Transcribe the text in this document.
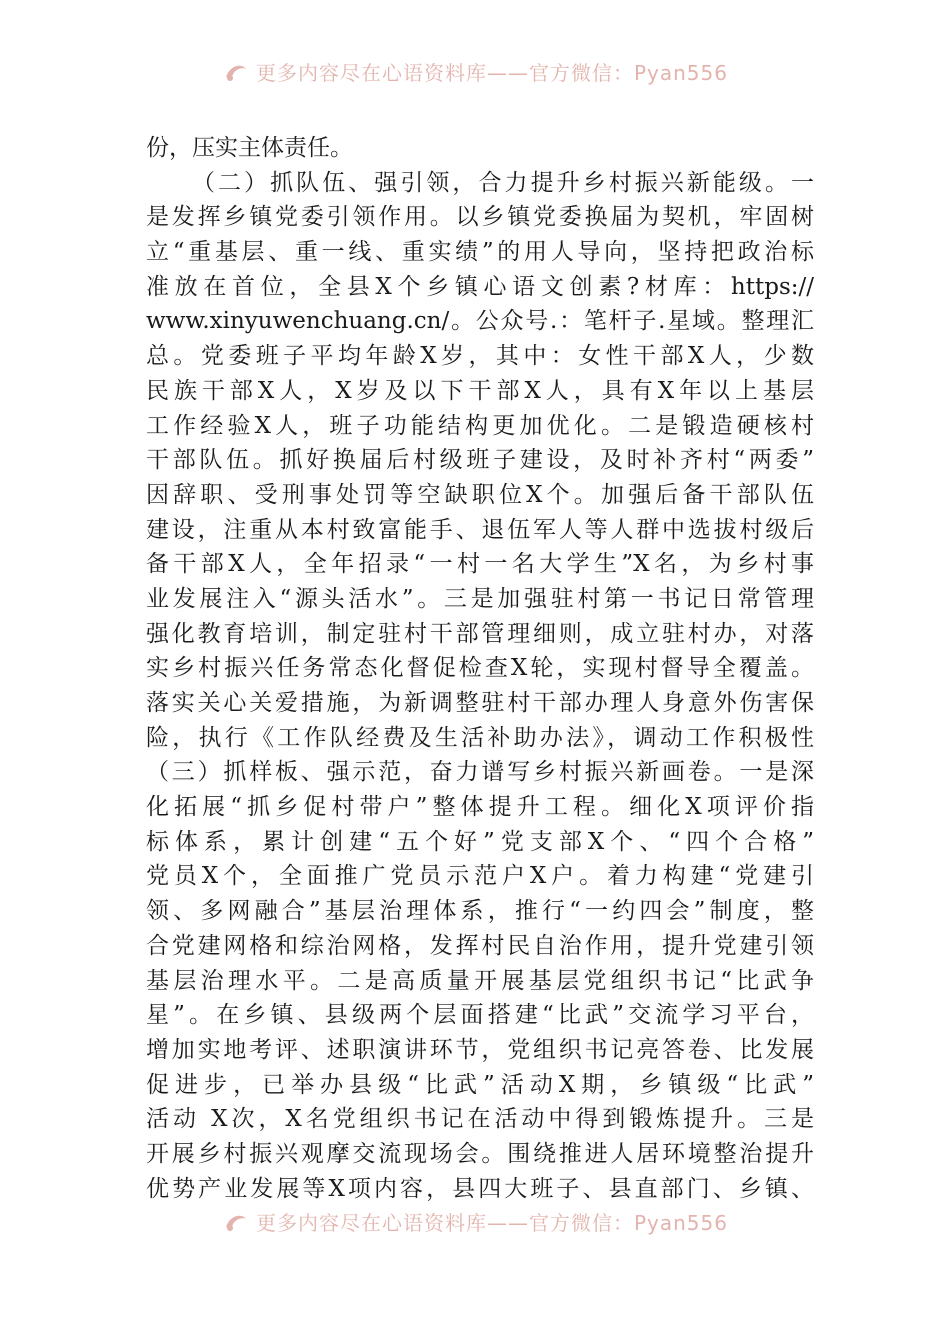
更多内容尽在心语资料库——官方微信：Pyan556
份，压实主体责任。
（二）抓队伍、强引领，合力提升乡村振兴新能级。一
是发挥乡镇党委引领作用。以乡镇党委换届为契机，牢固树
立“重基层、重一线、重实绩”的用人导向，坚持把政治标
准放在首位，全县X个乡镇心语文创素?材库：https://
www.xinyuwenchuang.cn/。公众号.：笔杆子.星域。整理汇
总。党委班子平均年龄X岁，其中：女性干部X人，少数
民族干部X人，X岁及以下干部X人，具有X年以上基层
工作经验X人，班子功能结构更加优化。二是锻造硬核村
干部队伍。抓好换届后村级班子建设，及时补齐村“两委”
因辞职、受刑事处罚等空缺职位X个。加强后备干部队伍
建设，注重从本村致富能手、退伍军人等人群中选拔村级后
备干部X人，全年招录“一村一名大学生”X名，为乡村事
业发展注入“源头活水”。三是加强驻村第一书记日常管理
强化教育培训，制定驻村干部管理细则，成立驻村办，对落
实乡村振兴任务常态化督促检查X轮，实现村督导全覆盖。
落实关心关爱措施，为新调整驻村干部办理人身意外伤害保
险，执行《工作队经费及生活补助办法》，调动工作积极性
（三）抓样板、强示范，奋力谱写乡村振兴新画卷。一是深
化拓展“抓乡促村带户”整体提升工程。细化X项评价指
标体系，累计创建“五个好”党支部X个、“四个合格”
党员X个，全面推广党员示范户X户。着力构建“党建引
领、多网融合”基层治理体系，推行“一约四会”制度，整
合党建网格和综治网格，发挥村民自治作用，提升党建引领
基层治理水平。二是高质量开展基层党组织书记“比武争
星”。在乡镇、县级两个层面搭建“比武”交流学习平台，
增加实地考评、述职演讲环节，党组织书记亮答卷、比发展
促进步，已举办县级“比武”活动X期，乡镇级“比武”
活动 X次，X名党组织书记在活动中得到锻炼提升。三是
开展乡村振兴观摩交流现场会。围绕推进人居环境整治提升
优势产业发展等X项内容，县四大班子、县直部门、乡镇、
更多内容尽在心语资料库——官方微信：Pyan556
